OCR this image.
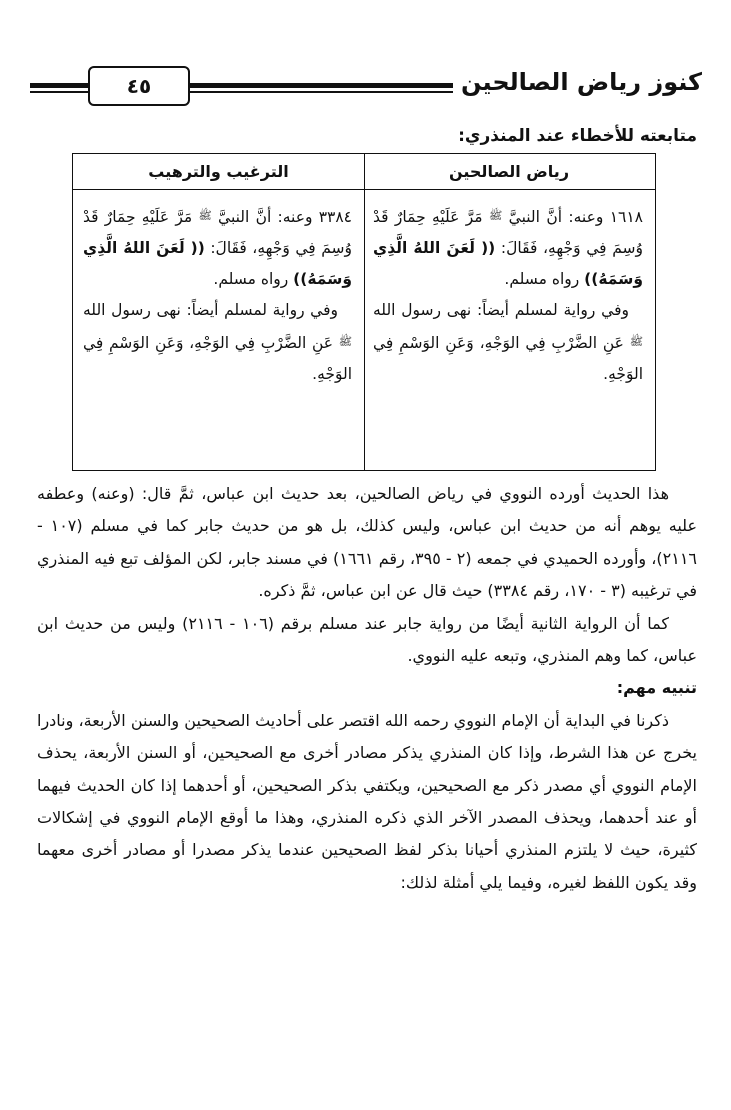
٤٥	كنوز رياض الصالحين
متابعته للأخطاء عند المنذري:
رياض الصالحين

١٦١٨ وعنه: أنَّ النبيَّ ﷺ مَرَّ عَلَيْهِ حِمَارٌ قَدْ وُسِمَ فِي وَجْهِهِ، فَقَالَ: (( لَعَنَ اللهُ الَّذِي وَسَمَهُ)) رواه مسلم.

وفي رواية لمسلم أيضاً: نهى رسول الله ﷺ عَنِ الضَّرْبِ فِي الوَجْهِ، وَعَنِ الوَسْمِ فِي الوَجْهِ.

الترغيب والترهيب

٣٣٨٤ وعنه: أنَّ النبيَّ ﷺ مَرَّ عَلَيْهِ حِمَارٌ قَدْ وُسِمَ فِي وَجْهِهِ، فَقَالَ: (( لَعَنَ اللهُ الَّذِي وَسَمَهُ)) رواه مسلم.

وفي رواية لمسلم أيضاً: نهى رسول الله ﷺ عَنِ الضَّرْبِ فِي الوَجْهِ، وَعَنِ الوَسْمِ فِي الوَجْهِ.

هذا الحديث أورده النووي في رياض الصالحين، بعد حديث ابن عباس، ثمَّ قال: (وعنه) وعطفه عليه يوهم أنه من حديث ابن عباس، وليس كذلك، بل هو من حديث جابر كما في مسلم (١٠٧ - ٢١١٦)، وأورده الحميدي في جمعه (٢ - ٣٩٥، رقم ١٦٦١) في مسند جابر، لكن المؤلف تبع فيه المنذري في ترغيبه (٣ - ١٧٠، رقم ٣٣٨٤) حيث قال عن ابن عباس، ثمَّ ذكره.

كما أن الرواية الثانية أيضًا من رواية جابر عند مسلم برقم (١٠٦ - ٢١١٦) وليس من حديث ابن عباس، كما وهم المنذري، وتبعه عليه النووي.

تنبيه مهم:

ذكرنا في البداية أن الإمام النووي رحمه الله اقتصر على أحاديث الصحيحين والسنن الأربعة، ونادرا يخرج عن هذا الشرط، وإذا كان المنذري يذكر مصادر أخرى مع الصحيحين، أو السنن الأربعة، يحذف الإمام النووي أي مصدر ذكر مع الصحيحين، ويكتفي بذكر الصحيحين، أو أحدهما إذا كان الحديث فيهما أو عند أحدهما، ويحذف المصدر الآخر الذي ذكره المنذري، وهذا ما أوقع الإمام النووي في إشكالات كثيرة، حيث لا يلتزم المنذري أحيانا بذكر لفظ الصحيحين عندما يذكر مصدرا أو مصادر أخرى معهما وقد يكون اللفظ لغيره، وفيما يلي أمثلة لذلك:
